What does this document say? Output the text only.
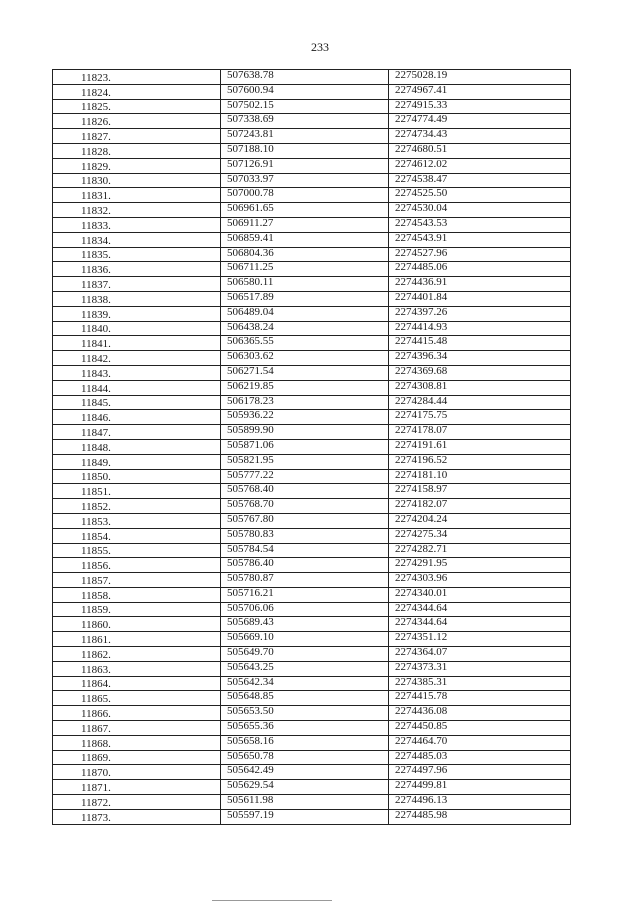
233
11823.	507638.78	2275028.19
11824.	507600.94	2274967.41
11825.	507502.15	2274915.33
11826.	507338.69	2274774.49
11827.	507243.81	2274734.43
11828.	507188.10	2274680.51
11829.	507126.91	2274612.02
11830.	507033.97	2274538.47
11831.	507000.78	2274525.50
11832.	506961.65	2274530.04
11833.	506911.27	2274543.53
11834.	506859.41	2274543.91
11835.	506804.36	2274527.96
11836.	506711.25	2274485.06
11837.	506580.11	2274436.91
11838.	506517.89	2274401.84
11839.	506489.04	2274397.26
11840.	506438.24	2274414.93
11841.	506365.55	2274415.48
11842.	506303.62	2274396.34
11843.	506271.54	2274369.68
11844.	506219.85	2274308.81
11845.	506178.23	2274284.44
11846.	505936.22	2274175.75
11847.	505899.90	2274178.07
11848.	505871.06	2274191.61
11849.	505821.95	2274196.52
11850.	505777.22	2274181.10
11851.	505768.40	2274158.97
11852.	505768.70	2274182.07
11853.	505767.80	2274204.24
11854.	505780.83	2274275.34
11855.	505784.54	2274282.71
11856.	505786.40	2274291.95
11857.	505780.87	2274303.96
11858.	505716.21	2274340.01
11859.	505706.06	2274344.64
11860.	505689.43	2274344.64
11861.	505669.10	2274351.12
11862.	505649.70	2274364.07
11863.	505643.25	2274373.31
11864.	505642.34	2274385.31
11865.	505648.85	2274415.78
11866.	505653.50	2274436.08
11867.	505655.36	2274450.85
11868.	505658.16	2274464.70
11869.	505650.78	2274485.03
11870.	505642.49	2274497.96
11871.	505629.54	2274499.81
11872.	505611.98	2274496.13
11873.	505597.19	2274485.98
